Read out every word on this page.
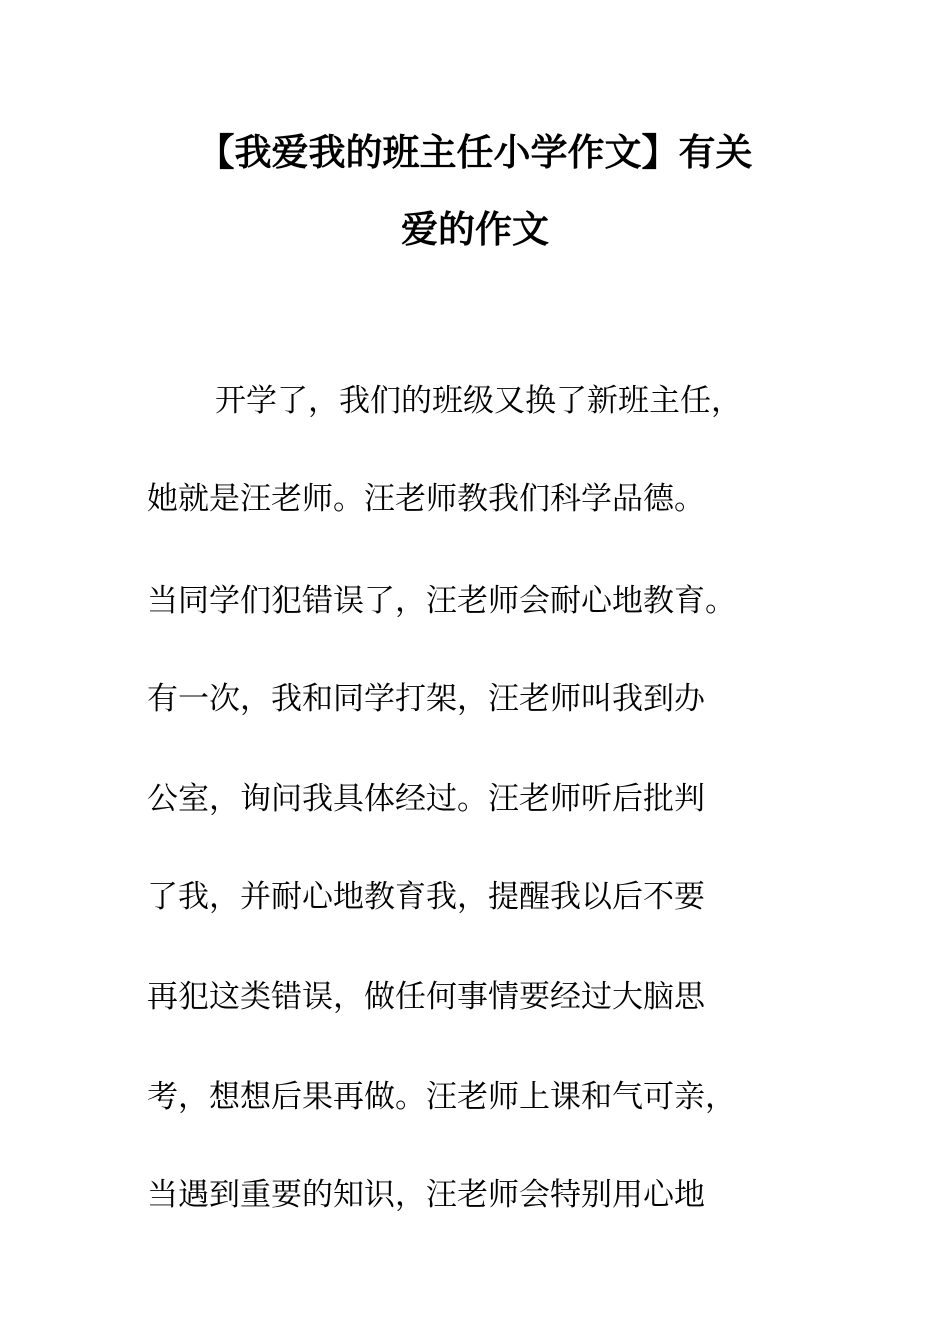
【我爱我的班主任小学作文】有关
爱的作文

开学了，我们的班级又换了新班主任，

她就是汪老师。汪老师教我们科学品德。

当同学们犯错误了，汪老师会耐心地教育。

有一次，我和同学打架，汪老师叫我到办

公室，询问我具体经过。汪老师听后批判

了我，并耐心地教育我，提醒我以后不要

再犯这类错误，做任何事情要经过大脑思

考，想想后果再做。汪老师上课和气可亲，

当遇到重要的知识，汪老师会特别用心地
